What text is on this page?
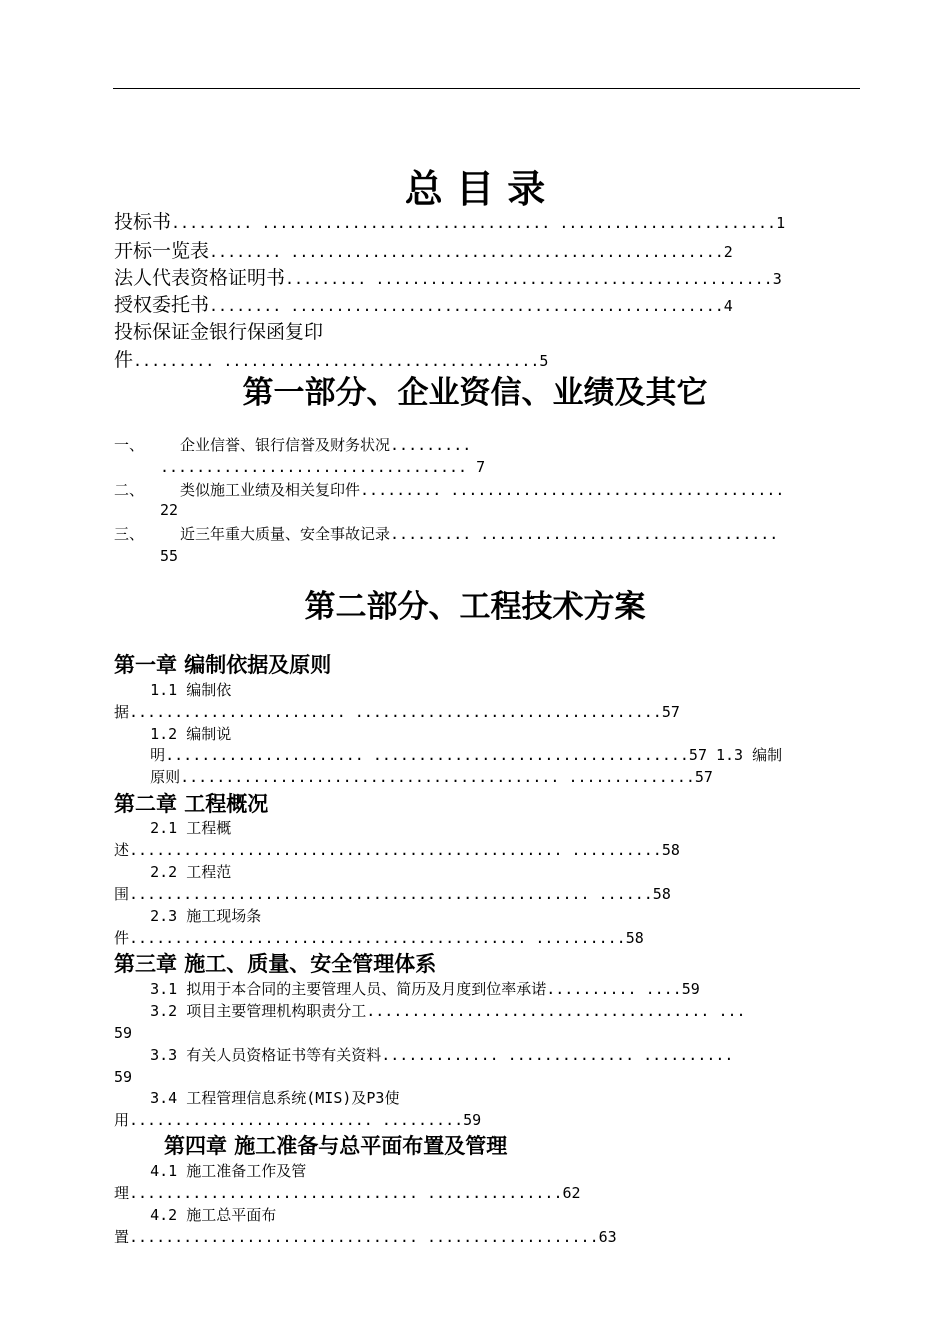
总 目 录
投标书......... ................................ ........................1
开标一览表........ ................................................2
法人代表资格证明书......... ............................................3
授权委托书........ ................................................4
投标保证金银行保函复印
件......... ...................................5
第一部分、企业资信、业绩及其它
一、 企业信誉、银行信誉及财务状况.........
.................................. 7
二、 类似施工业绩及相关复印件......... .....................................
22
三、 近三年重大质量、安全事故记录......... .................................
55
第二部分、工程技术方案
第一章 编制依据及原则
1.1 编制依
据........................ ..................................57
1.2 编制说
明...................... ...................................57 1.3 编制
原则.......................................... ..............57
第二章 工程概况
2.1 工程概
述................................................ ..........58
2.2 工程范
围................................................... ......58
2.3 施工现场条
件............................................ ..........58
第三章 施工、质量、安全管理体系
3.1 拟用于本合同的主要管理人员、简历及月度到位率承诺.......... ....59
3.2 项目主要管理机构职责分工...................................... ...
59
3.3 有关人员资格证书等有关资料............. .............. ..........
59
3.4 工程管理信息系统(MIS)及P3使
用........................... .........59
第四章 施工准备与总平面布置及管理
4.1 施工准备工作及管
理................................ ...............62
4.2 施工总平面布
置................................ ...................63
